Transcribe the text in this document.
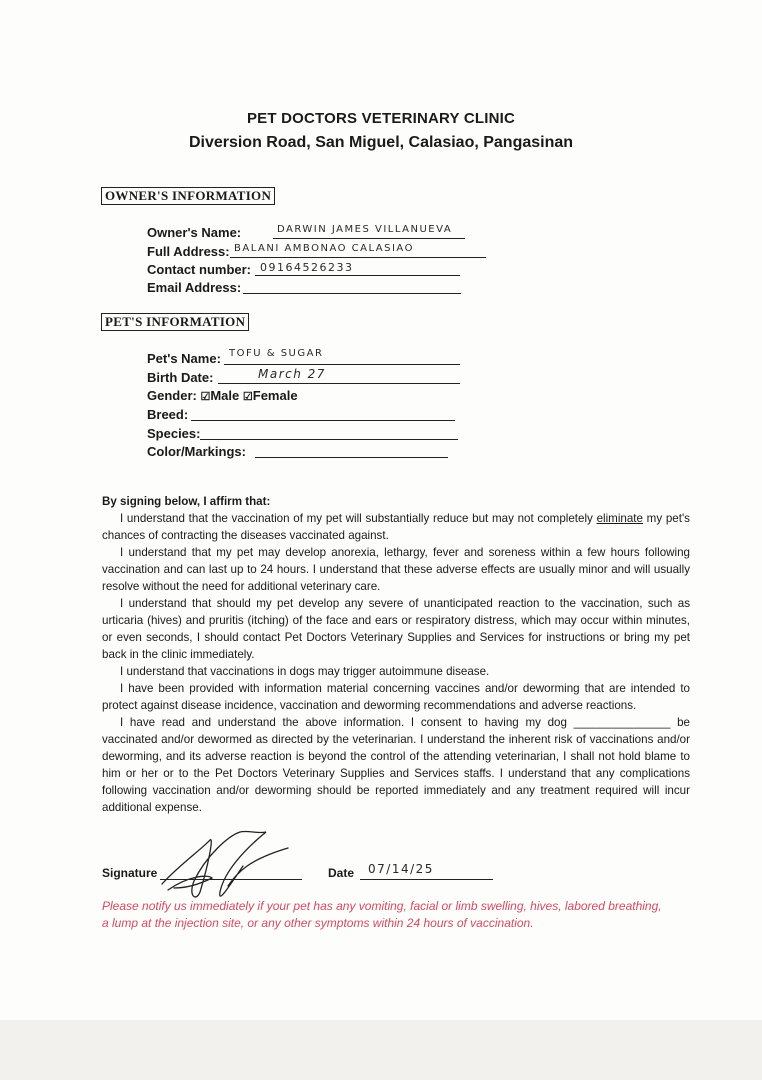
PET DOCTORS VETERINARY CLINIC
Diversion Road, San Miguel, Calasiao, Pangasinan
OWNER'S INFORMATION
Owner's Name:	DARWIN JAMES VILLANUEVA
Full Address: BALANI AMBONAO CALASIAO
Contact number: 09164526233
Email Address:
PET'S INFORMATION
Pet's Name: TOFU & SUGAR
Birth Date:	March 27
Gender: ☑Male ☑Female
Breed:
Species:
Color/Markings:

By signing below, I affirm that:

I understand that the vaccination of my pet will substantially reduce but may not completely eliminate my pet's chances of contracting the diseases vaccinated against.

I understand that my pet may develop anorexia, lethargy, fever and soreness within a few hours following vaccination and can last up to 24 hours. I understand that these adverse effects are usually minor and will usually resolve without the need for additional veterinary care.

I understand that should my pet develop any severe of unanticipated reaction to the vaccination, such as urticaria (hives) and pruritis (itching) of the face and ears or respiratory distress, which may occur within minutes, or even seconds, I should contact Pet Doctors Veterinary Supplies and Services for instructions or bring my pet back in the clinic immediately.

I understand that vaccinations in dogs may trigger autoimmune disease.

I have been provided with information material concerning vaccines and/or deworming that are intended to protect against disease incidence, vaccination and deworming recommendations and adverse reactions.

I have read and understand the above information. I consent to having my dog _______________ be vaccinated and/or dewormed as directed by the veterinarian. I understand the inherent risk of vaccinations and/or deworming, and its adverse reaction is beyond the control of the attending veterinarian, I shall not hold blame to him or her or to the Pet Doctors Veterinary Supplies and Services staffs. I understand that any complications following vaccination and/or deworming should be reported immediately and any treatment required will incur additional expense.

Signature	Date 07/14/25
Please notify us immediately if your pet has any vomiting, facial or limb swelling, hives, labored breathing, a lump at the injection site, or any other symptoms within 24 hours of vaccination.
